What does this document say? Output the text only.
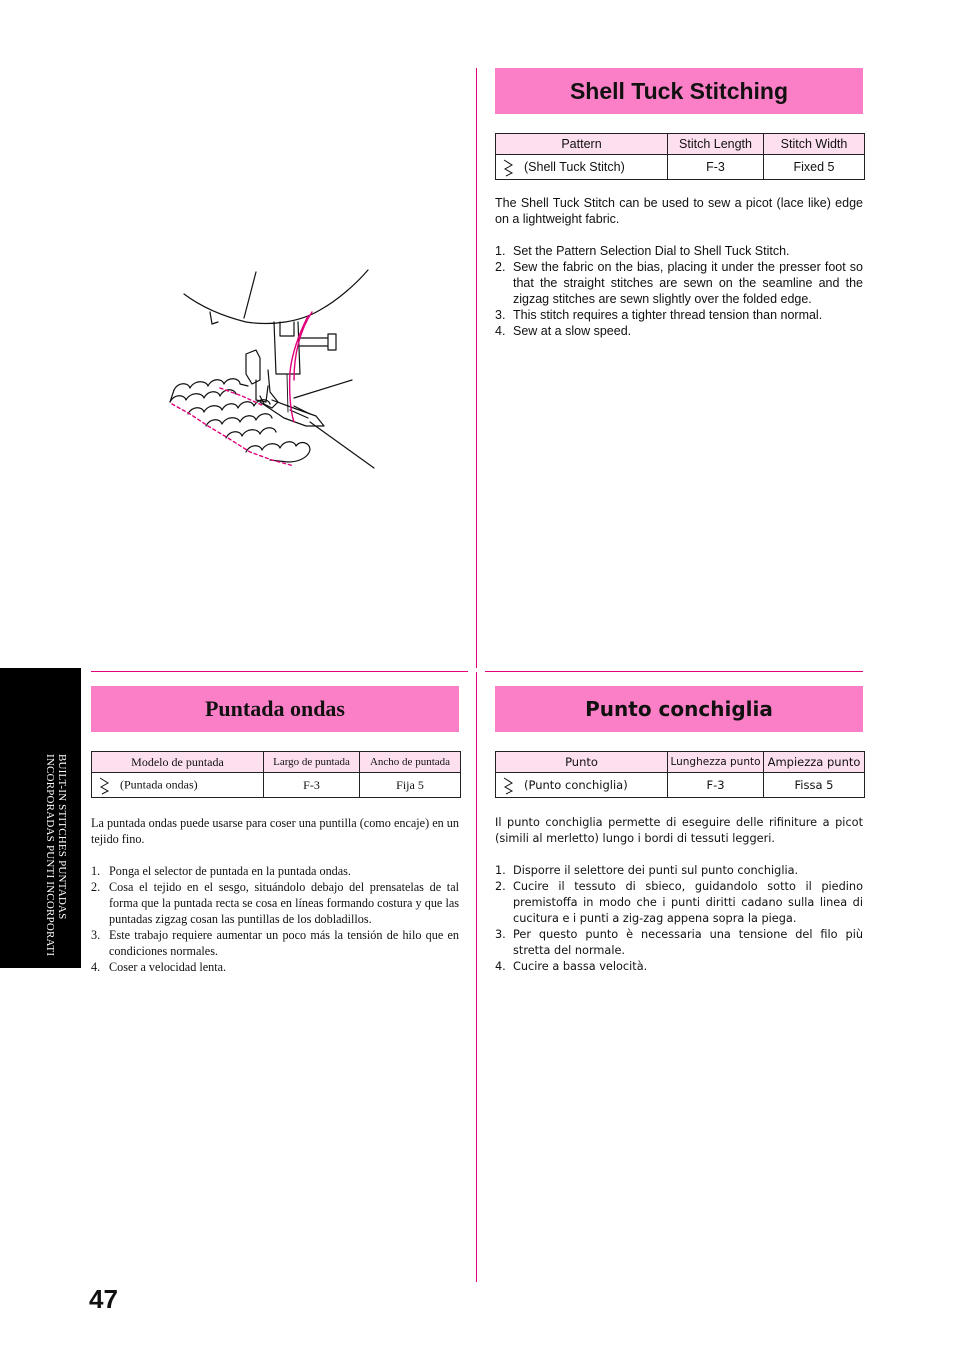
Shell Tuck Stitching
Pattern	Stitch Length	Stitch Width

(Shell Tuck Stitch)	F-3	Fixed 5

The Shell Tuck Stitch can be used to sew a picot (lace like) edge on a lightweight fabric.

1. Set the Pattern Selection Dial to Shell Tuck Stitch.
2. Sew the fabric on the bias, placing it under the presser foot so that the straight stitches are sewn on the seamline and the zigzag stitches are sewn slightly over the folded edge.
3. This stitch requires a tighter thread tension than normal.
4. Sew at a slow speed.
Puntada ondas
Modelo de puntada	Largo de puntada	Ancho de puntada

(Puntada ondas)	F-3	Fija 5

La puntada ondas puede usarse para coser una puntilla (como encaje) en un tejido fino.

1. Ponga el selector de puntada en la puntada ondas.
2. Cosa el tejido en el sesgo, situándolo debajo del prensatelas de tal forma que la puntada recta se cosa en líneas formando costura y que las puntadas zigzag cosan las puntillas de los dobladillos.
3. Este trabajo requiere aumentar un poco más la tensión de hilo que en condiciones normales.
4. Coser a velocidad lenta.
Punto conchiglia
Punto	Lunghezza punto	Ampiezza punto

(Punto conchiglia)	F-3	Fissa 5

Il punto conchiglia permette di eseguire delle rifiniture a picot (simili al merletto) lungo i bordi di tessuti leggeri.

1. Disporre il selettore dei punti sul punto conchiglia.
2. Cucire il tessuto di sbieco, guidandolo sotto il piedino premistoffa in modo che i punti diritti cadano sulla linea di cucitura e i punti a zig-zag appena sopra la piega.
3. Per questo punto è necessaria una tensione del filo più stretta del normale.
4. Cucire a bassa velocità.
BUILT-IN STITCHES PUNTADAS INCORPORADAS PUNTI INCORPORATI
47
